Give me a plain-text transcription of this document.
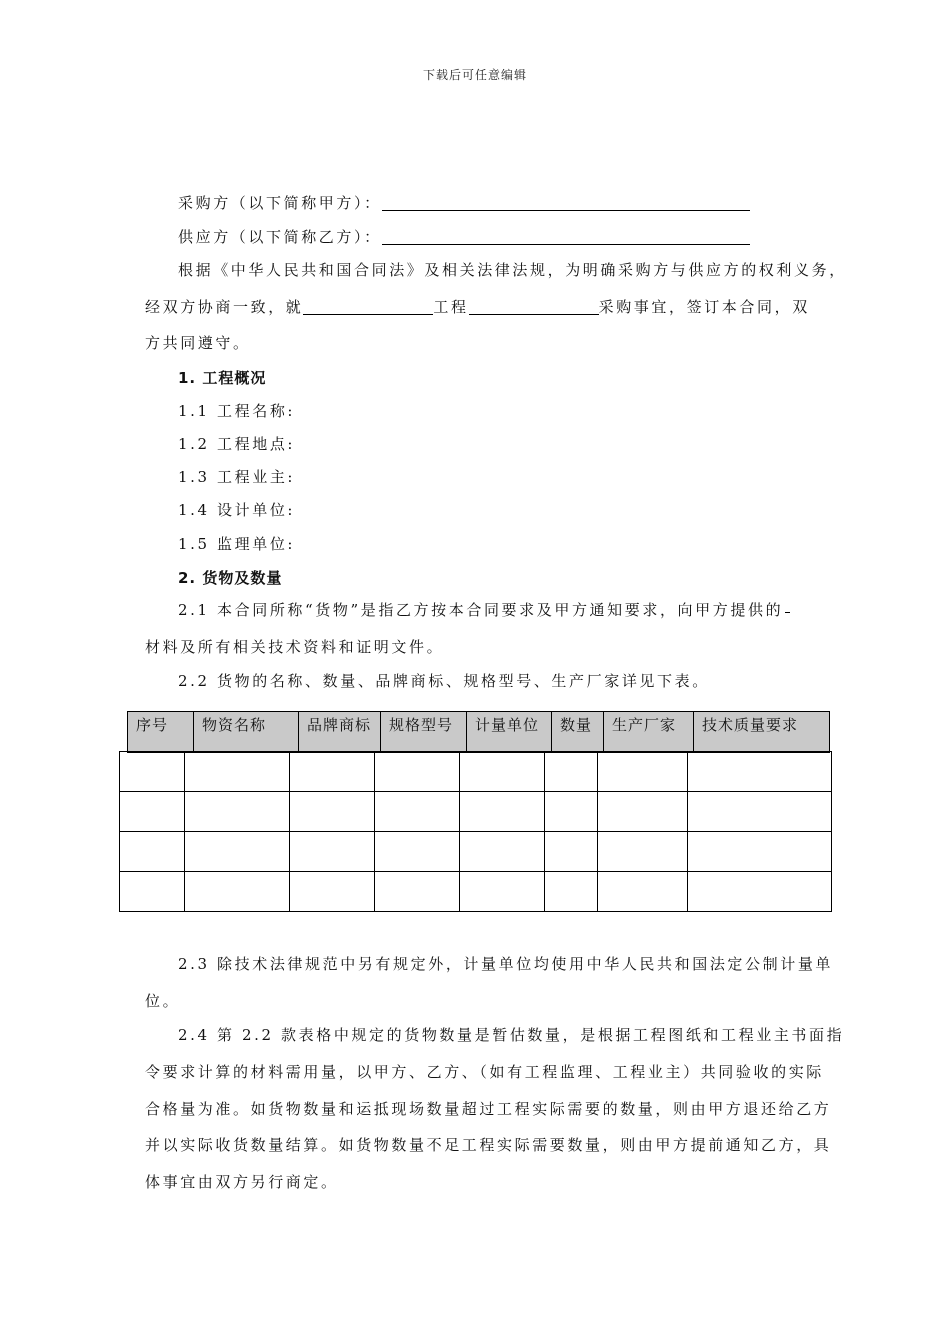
下载后可任意编辑
采购方（以下简称甲方）：
供应方（以下简称乙方）：
根据《中华人民共和国合同法》及相关法律法规，为明确采购方与供应方的权利义务，
经双方协商一致，就	工程	采购事宜，签订本合同，双
方共同遵守。
1. 工程概况
1.1 工程名称:
1.2 工程地点:
1.3 工程业主:
1.4 设计单位:
1.5 监理单位:
2. 货物及数量
2.1 本合同所称“货物”是指乙方按本合同要求及甲方通知要求，向甲方提供的
材料及所有相关技术资料和证明文件。
2.2 货物的名称、数量、品牌商标、规格型号、生产厂家详见下表。
序号	物资名称	品牌商标	规格型号	计量单位	数量	生产厂家	技术质量要求

2.3 除技术法律规范中另有规定外，计量单位均使用中华人民共和国法定公制计量单
位。
2.4 第 2.2 款表格中规定的货物数量是暂估数量，是根据工程图纸和工程业主书面指
令要求计算的材料需用量，以甲方、乙方、（如有工程监理、工程业主）共同验收的实际
合格量为准。如货物数量和运抵现场数量超过工程实际需要的数量，则由甲方退还给乙方
并以实际收货数量结算。如货物数量不足工程实际需要数量，则由甲方提前通知乙方，具
体事宜由双方另行商定。
